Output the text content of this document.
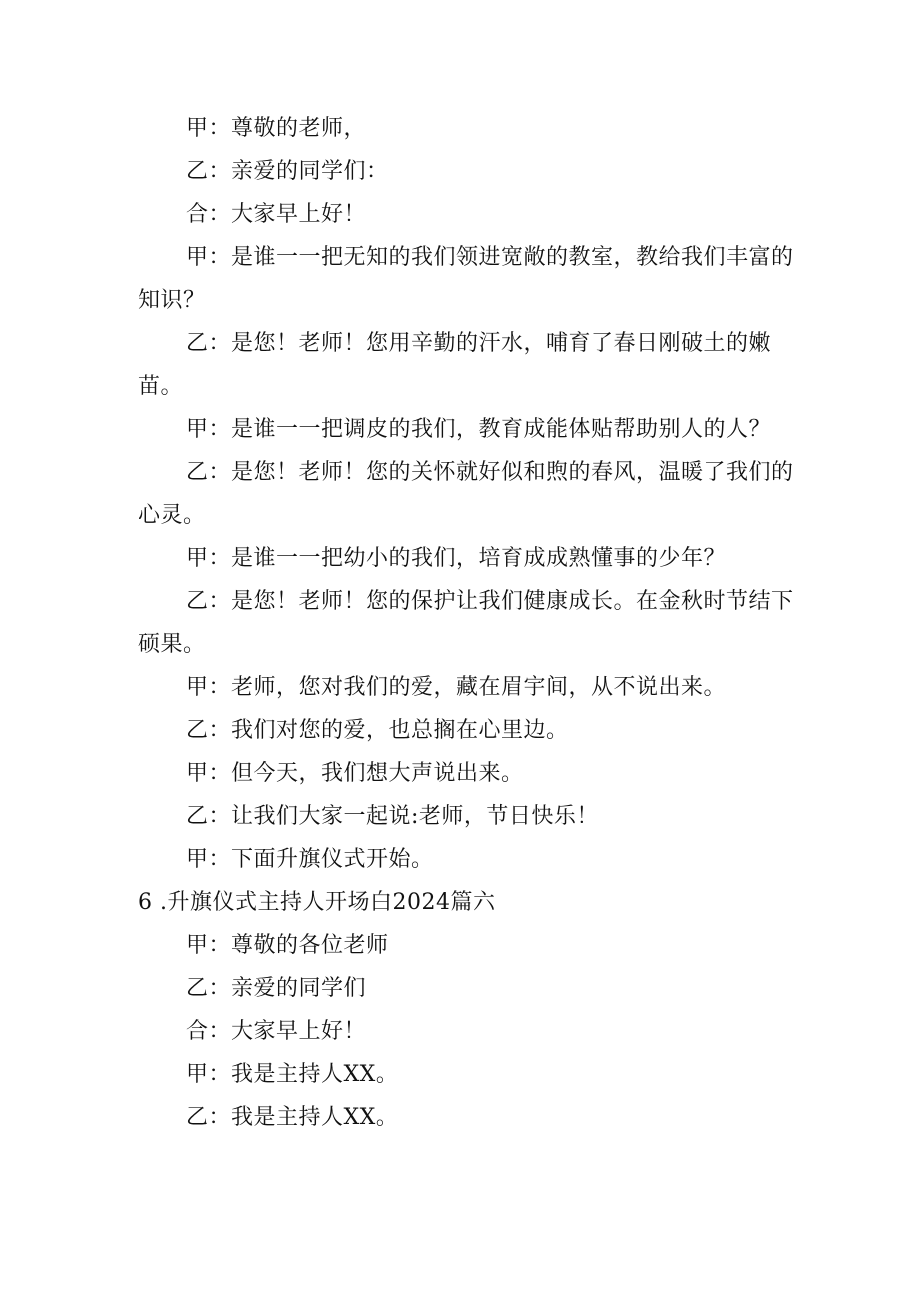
甲：尊敬的老师，
乙：亲爱的同学们：
合：大家早上好！
甲：是谁一一把无知的我们领进宽敞的教室，教给我们丰富的知识？
乙：是您！老师！您用辛勤的汗水，哺育了春日刚破土的嫩苗。
甲：是谁一一把调皮的我们，教育成能体贴帮助别人的人？
乙：是您！老师！您的关怀就好似和煦的春风，温暖了我们的心灵。
甲：是谁一一把幼小的我们，培育成成熟懂事的少年？
乙：是您！老师！您的保护让我们健康成长。在金秋时节结下硕果。
甲：老师，您对我们的爱，藏在眉宇间，从不说出来。
乙：我们对您的爱，也总搁在心里边。
甲：但今天，我们想大声说出来。
乙：让我们大家一起说:老师，节日快乐！
甲：下面升旗仪式开始。
6 .升旗仪式主持人开场白2024篇六
甲：尊敬的各位老师
乙：亲爱的同学们
合：大家早上好！
甲：我是主持人XX。
乙：我是主持人XX。
